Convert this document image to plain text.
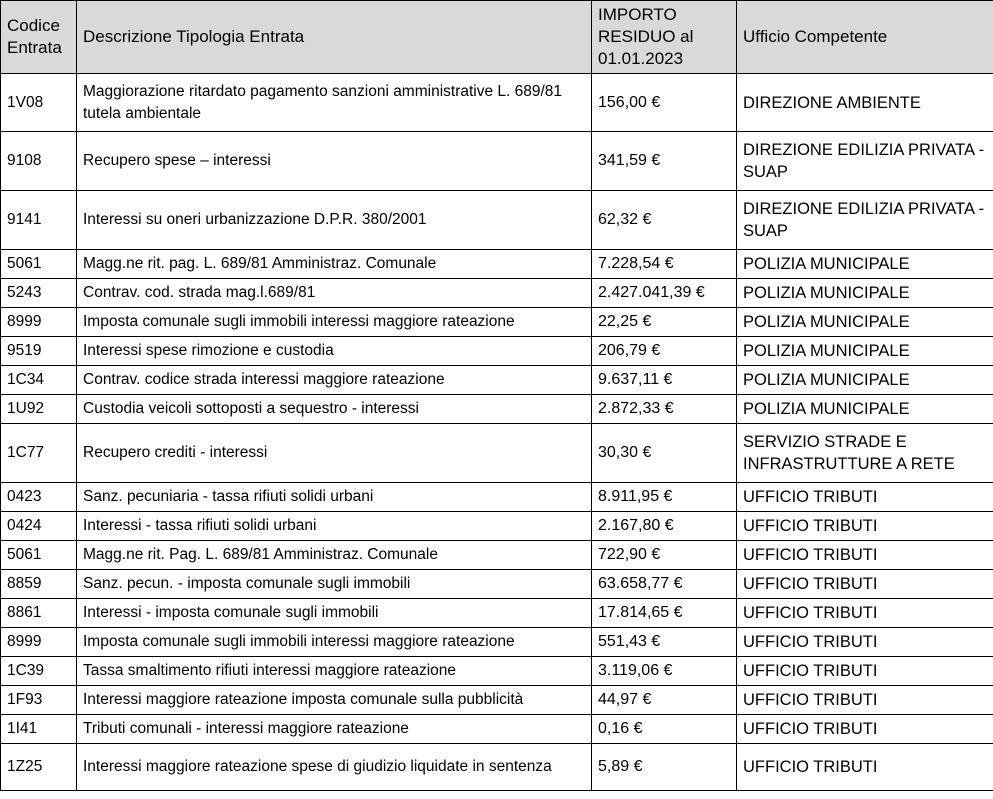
Codice Entrata	Descrizione Tipologia Entrata	IMPORTO RESIDUO al 01.01.2023	Ufficio Competente
1V08	Maggiorazione ritardato pagamento sanzioni amministrative L. 689/81 tutela ambientale	156,00 €	DIREZIONE AMBIENTE
9108	Recupero spese – interessi	341,59 €	DIREZIONE EDILIZIA PRIVATA - SUAP
9141	Interessi su oneri urbanizzazione D.P.R. 380/2001	62,32 €	DIREZIONE EDILIZIA PRIVATA - SUAP
5061	Magg.ne rit. pag. L. 689/81 Amministraz. Comunale	7.228,54 €	POLIZIA MUNICIPALE
5243	Contrav. cod. strada mag.l.689/81	2.427.041,39 €	POLIZIA MUNICIPALE
8999	Imposta comunale sugli immobili interessi maggiore rateazione	22,25 €	POLIZIA MUNICIPALE
9519	Interessi spese rimozione e custodia	206,79 €	POLIZIA MUNICIPALE
1C34	Contrav. codice strada interessi maggiore rateazione	9.637,11 €	POLIZIA MUNICIPALE
1U92	Custodia veicoli sottoposti a sequestro - interessi	2.872,33 €	POLIZIA MUNICIPALE
1C77	Recupero crediti - interessi	30,30 €	SERVIZIO STRADE E INFRASTRUTTURE A RETE
0423	Sanz. pecuniaria - tassa rifiuti solidi urbani	8.911,95 €	UFFICIO TRIBUTI
0424	Interessi - tassa rifiuti solidi urbani	2.167,80 €	UFFICIO TRIBUTI
5061	Magg.ne rit. Pag. L. 689/81 Amministraz. Comunale	722,90 €	UFFICIO TRIBUTI
8859	Sanz. pecun. - imposta comunale sugli immobili	63.658,77 €	UFFICIO TRIBUTI
8861	Interessi - imposta comunale sugli immobili	17.814,65 €	UFFICIO TRIBUTI
8999	Imposta comunale sugli immobili interessi maggiore rateazione	551,43 €	UFFICIO TRIBUTI
1C39	Tassa smaltimento rifiuti interessi maggiore rateazione	3.119,06 €	UFFICIO TRIBUTI
1F93	Interessi maggiore rateazione imposta comunale sulla pubblicità	44,97 €	UFFICIO TRIBUTI
1I41	Tributi comunali - interessi maggiore rateazione	0,16 €	UFFICIO TRIBUTI
1Z25	Interessi maggiore rateazione spese di giudizio liquidate in sentenza	5,89 €	UFFICIO TRIBUTI
